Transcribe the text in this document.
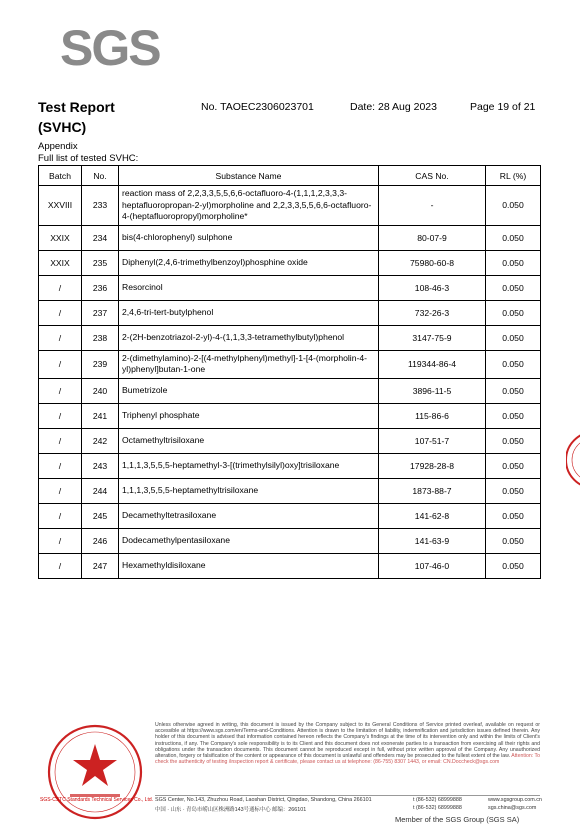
SGS
Test Report
(SVHC)
No. TAOEC2306023701	Date: 28 Aug 2023	Page 19 of 21
Appendix
Full list of tested SVHC:
Batch	No.	Substance Name	CAS No.	RL (%)
XXVIII	233	reaction mass of 2,2,3,3,5,5,6,6-octafluoro-4-(1,1,1,2,3,3,3-heptafluoropropan-2-yl)morpholine and 2,2,3,3,5,5,6,6-octafluoro-4-(heptafluoropropyl)morpholine*	-	0.050
XXIX	234	bis(4-chlorophenyl) sulphone	80-07-9	0.050
XXIX	235	Diphenyl(2,4,6-trimethylbenzoyl)phosphine oxide	75980-60-8	0.050
/	236	Resorcinol	108-46-3	0.050
/	237	2,4,6-tri-tert-butylphenol	732-26-3	0.050
/	238	2-(2H-benzotriazol-2-yl)-4-(1,1,3,3-tetramethylbutyl)phenol	3147-75-9	0.050
/	239	2-(dimethylamino)-2-[(4-methylphenyl)methyl]-1-[4-(morpholin-4-yl)phenyl]butan-1-one	119344-86-4	0.050
/	240	Bumetrizole	3896-11-5	0.050
/	241	Triphenyl phosphate	115-86-6	0.050
/	242	Octamethyltrisiloxane	107-51-7	0.050
/	243	1,1,1,3,5,5,5-heptamethyl-3-[(trimethylsilyl)oxy]trisiloxane	17928-28-8	0.050
/	244	1,1,1,3,5,5,5-heptamethyltrisiloxane	1873-88-7	0.050
/	245	Decamethyltetrasiloxane	141-62-8	0.050
/	246	Dodecamethylpentasiloxane	141-63-9	0.050
/	247	Hexamethyldisiloxane	107-46-0	0.050
SGS-CSTC Standards Technical Services Co., Ltd.
Unless otherwise agreed in writing, this document is issued by the Company subject to its General Conditions of Service printed overleaf, available on request or accessible at https://www.sgs.com/en/Terms-and-Conditions. Attention is drawn to the limitation of liability, indemnification and jurisdiction issues defined therein. Any holder of this document is advised that information contained hereon reflects the Company's findings at the time of its intervention only and within the limits of Client's instructions, if any. The Company's sole responsibility is to its Client and this document does not exonerate parties to a transaction from exercising all their rights and obligations under the transaction documents. This document cannot be reproduced except in full, without prior written approval of the Company. Any unauthorized alteration, forgery or falsification of the content or appearance of this document is unlawful and offenders may be prosecuted to the fullest extent of the law. Attention: To check the authenticity of testing /inspection report & certificate, please contact us at telephone: (86-755) 8307 1443, or email: CN.Doccheck@sgs.com
SGS Center, No.143, Zhuzhou Road, Laoshan District, Qingdao, Shandong, China 266101
中国 · 山东 · 青岛市崂山区株洲路143号通标中心 邮编：266101
t (86-532) 68999888
t (86-532) 68999888
www.sgsgroup.com.cn
sgs.china@sgs.com
Member of the SGS Group (SGS SA)
